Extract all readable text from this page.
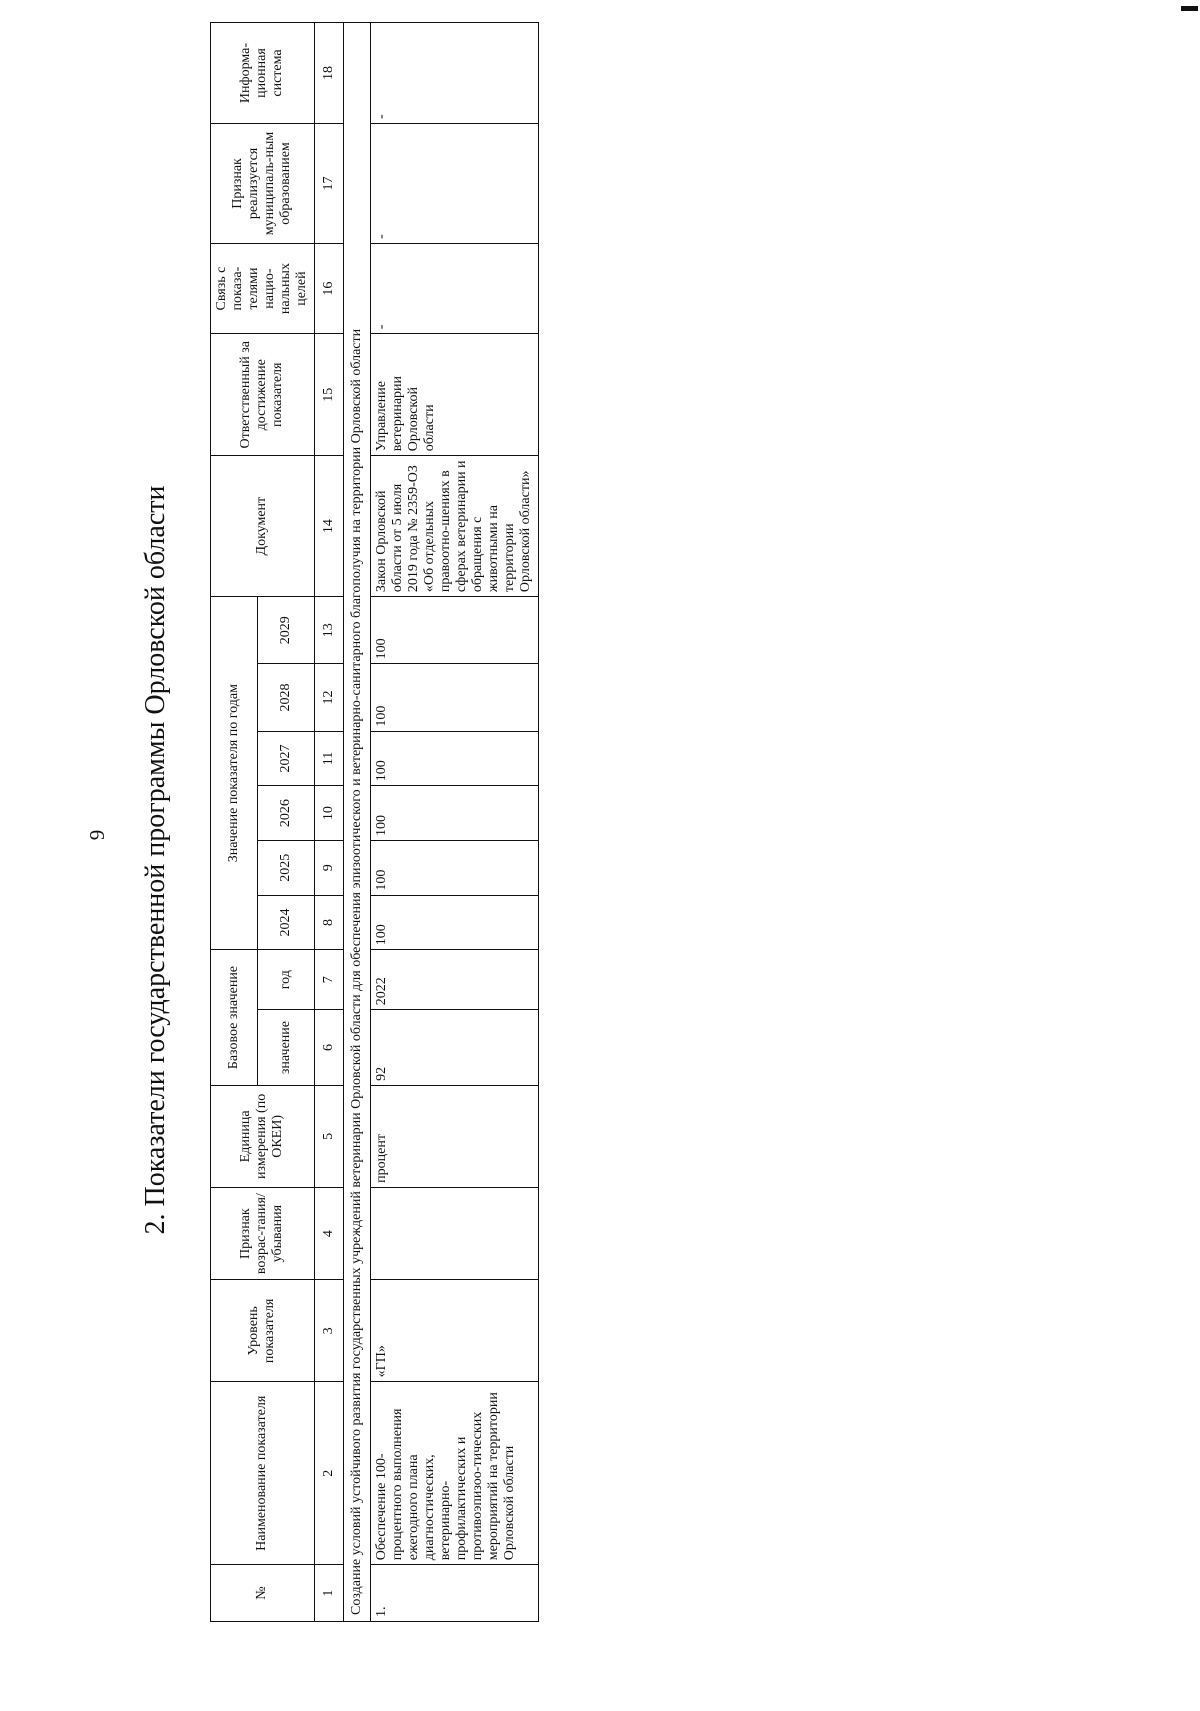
9 2. Показатели государственной программы Орловской области
№	Наименование показателя	Уровень показателя	Признак возрас-тания/ убывания	Единица измерения (по ОКЕИ)	Базовое значение		Значение показателя по годам						Документ	Ответственный за достижение показателя	Связь с показа-телями нацио-нальных целей	Признак реализуется муниципаль-ным образованием	Информа-ционная система
					значение	год	2024	2025	2026	2027	2028	2029					
1	2	3	4	5	6	7	8	9	10	11	12	13	14	15	16	17	18
Создание условий устойчивого развития государственных учреждений ветеринарии Орловской области для обеспечения эпизоотического и ветеринарно-санитарного благополучия на территории Орловской области																	
1.	Обеспечение 100-процентного выполнения ежегодного плана диагностических, ветеринарно-профилактических и противоэпизоо-тических мероприятий на территории Орловской области	«ГП»		процент	92	2022	100	100	100	100	100	100	Закон Орловской области от 5 июля 2019 года № 2359-ОЗ «Об отдельных правоотно-шениях в сферах ветеринарии и обращения с животными на территории Орловской области»	Управление ветеринарии Орловской области	-	-	-
